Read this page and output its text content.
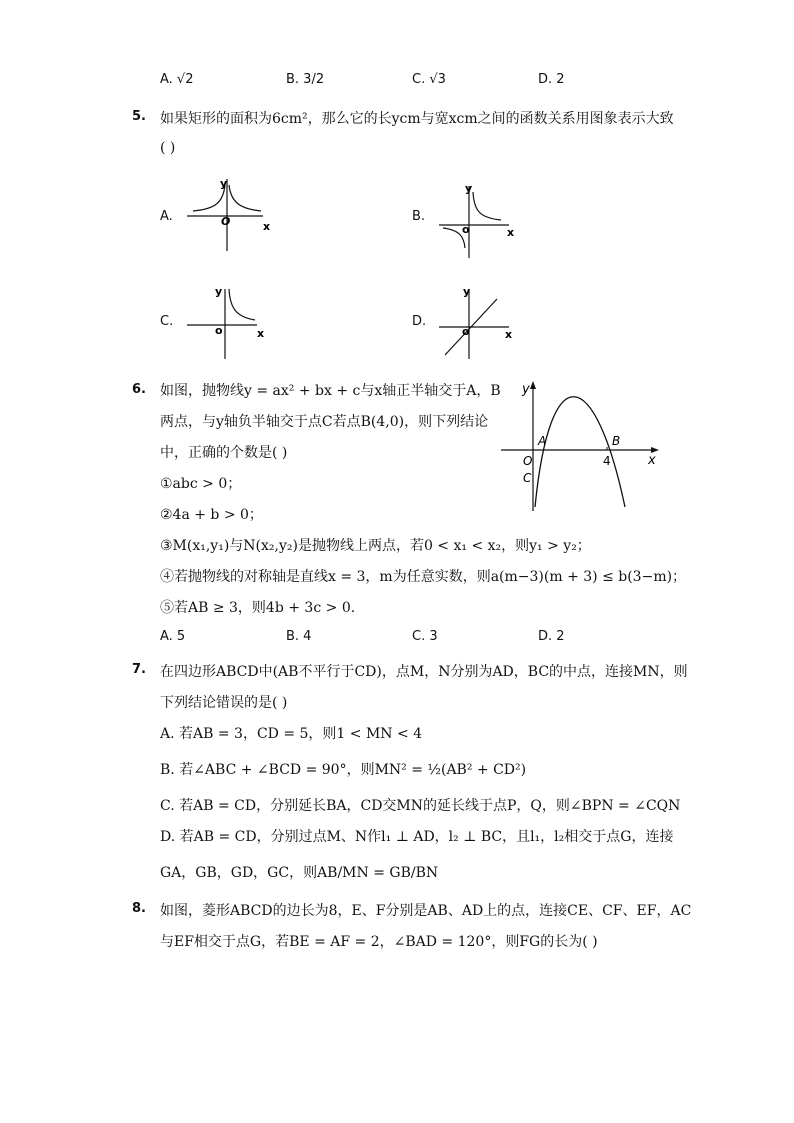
A. √2	B. 3/2	C. √3	D. 2
5. 如果矩形的面积为6cm²，那么它的长ycm与宽xcm之间的函数关系用图象表示大致
( )
A.	B.
C.	D.
y
x
O
y
x
o
y
x
o
y
x
o
6. 如图，抛物线y = ax² + bx + c与x轴正半轴交于A，B
两点，与y轴负半轴交于点C若点B(4,0)，则下列结论
中，正确的个数是( )
①abc > 0；
②4a + b > 0；
③M(x₁,y₁)与N(x₂,y₂)是抛物线上两点，若0 < x₁ < x₂，则y₁ > y₂；
④若抛物线的对称轴是直线x = 3，m为任意实数，则a(m−3)(m + 3) ≤ b(3−m)；
⑤若AB ≥ 3，则4b + 3c > 0.
A. 5	B. 4	C. 3	D. 2
y
x
A	B
O
C
4
7. 在四边形ABCD中(AB不平行于CD)，点M，N分别为AD，BC的中点，连接MN，则
下列结论错误的是( )
A. 若AB = 3，CD = 5，则1 < MN < 4
B. 若∠ABC + ∠BCD = 90°，则MN² = ½(AB² + CD²)
C. 若AB = CD，分别延长BA，CD交MN的延长线于点P，Q，则∠BPN = ∠CQN
D. 若AB = CD，分别过点M、N作l₁ ⊥ AD，l₂ ⊥ BC，且l₁，l₂相交于点G，连接
GA，GB，GD，GC，则AB/MN = GB/BN
8. 如图，菱形ABCD的边长为8，E、F分别是AB、AD上的点，连接CE、CF、EF，AC
与EF相交于点G，若BE = AF = 2，∠BAD = 120°，则FG的长为( )
